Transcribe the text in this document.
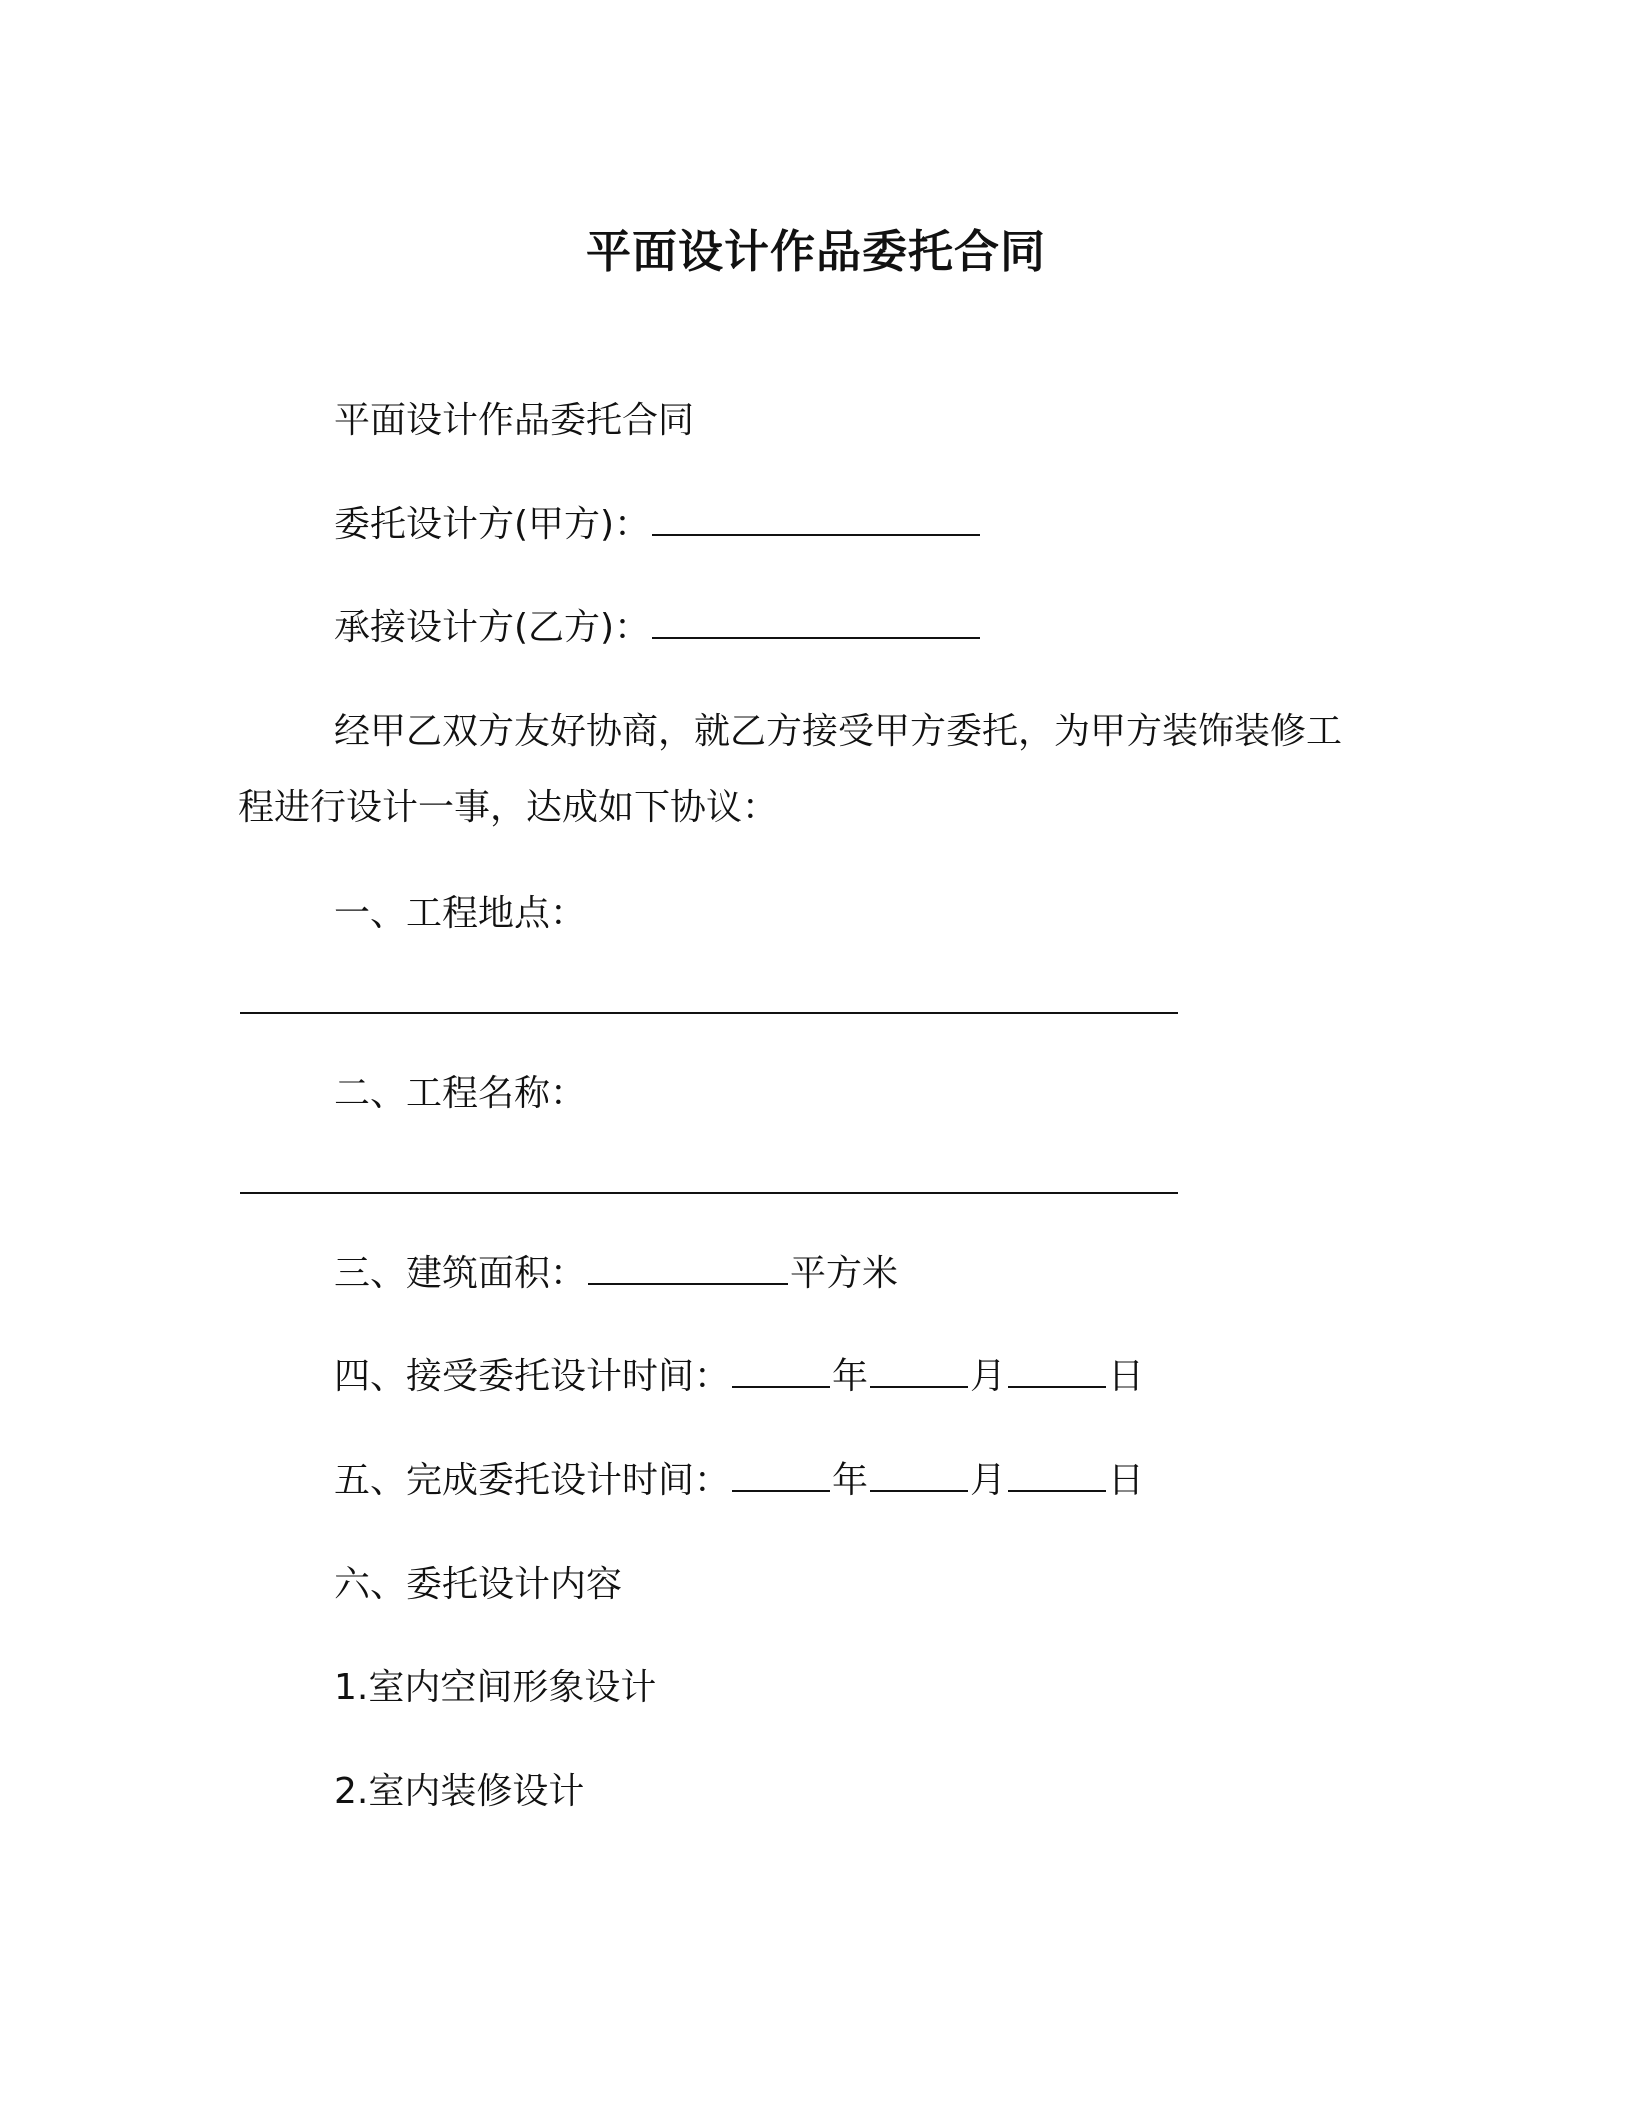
平面设计作品委托合同
平面设计作品委托合同
委托设计方(甲方)：
承接设计方(乙方)：
经甲乙双方友好协商，就乙方接受甲方委托，为甲方装饰装修工
程进行设计一事，达成如下协议：
一、工程地点：
二、工程名称：
三、建筑面积：	平方米
四、接受委托设计时间：	年	月	日
五、完成委托设计时间：	年	月	日
六、委托设计内容
1.室内空间形象设计
2.室内装修设计
